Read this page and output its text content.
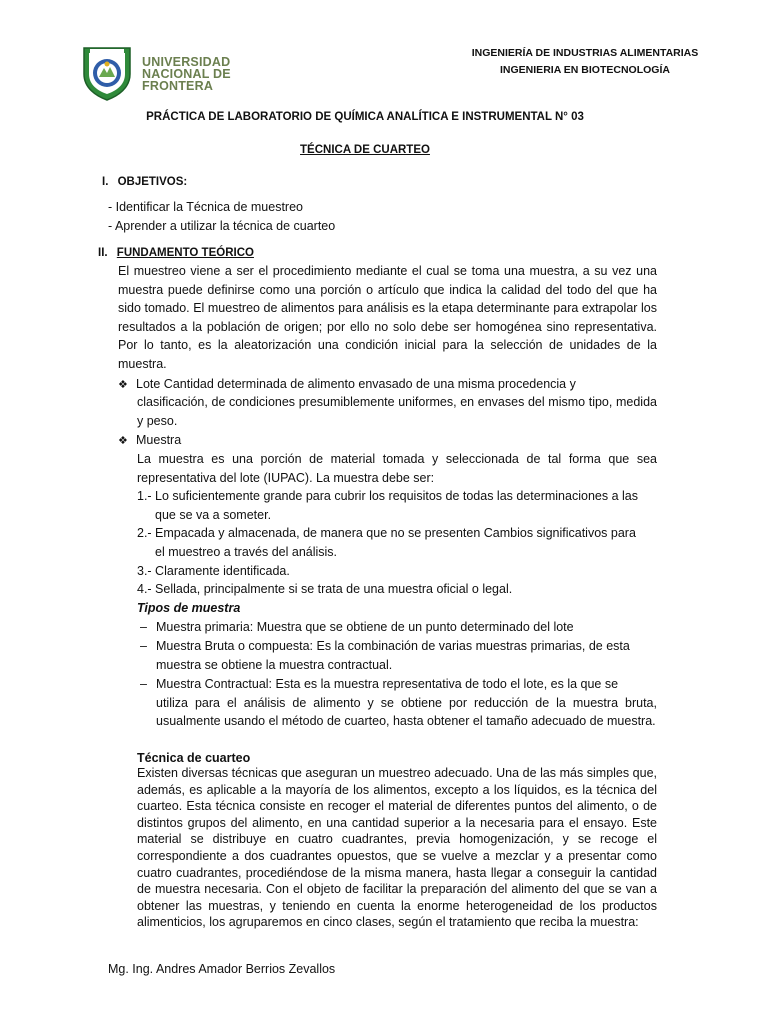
UNIVERSIDAD
NACIONAL DE
FRONTERA
INGENIERÍA DE INDUSTRIAS ALIMENTARIAS
INGENIERIA EN BIOTECNOLOGÍA
PRÁCTICA DE LABORATORIO DE QUÍMICA ANALÍTICA E INSTRUMENTAL N° 03
TÉCNICA DE CUARTEO
I. OBJETIVOS:
- Identificar la Técnica de muestreo
- Aprender a utilizar la técnica de cuarteo
II. FUNDAMENTO TEÓRICO
El muestreo viene a ser el procedimiento mediante el cual se toma una muestra, a su vez una muestra puede definirse como una porción o artículo que indica la calidad del todo del que ha sido tomado. El muestreo de alimentos para análisis es la etapa determinante para extrapolar los resultados a la población de origen; por ello no solo debe ser homogénea sino representativa. Por lo tanto, es la aleatorización una condición inicial para la selección de unidades de la muestra.
❖ Lote Cantidad determinada de alimento envasado de una misma procedencia y
clasificación, de condiciones presumiblemente uniformes, en envases del mismo tipo, medida y peso.
❖ Muestra
La muestra es una porción de material tomada y seleccionada de tal forma que sea representativa del lote (IUPAC). La muestra debe ser:
1.- Lo suficientemente grande para cubrir los requisitos de todas las determinaciones a las
que se va a someter.
2.- Empacada y almacenada, de manera que no se presenten Cambios significativos para
el muestreo a través del análisis.
3.- Claramente identificada.
4.- Sellada, principalmente si se trata de una muestra oficial o legal.
Tipos de muestra
– Muestra primaria: Muestra que se obtiene de un punto determinado del lote
– Muestra Bruta o compuesta: Es la combinación de varias muestras primarias, de esta
muestra se obtiene la muestra contractual.
– Muestra Contractual: Esta es la muestra representativa de todo el lote, es la que se
utiliza para el análisis de alimento y se obtiene por reducción de la muestra bruta, usualmente usando el método de cuarteo, hasta obtener el tamaño adecuado de muestra.
Técnica de cuarteo
Existen diversas técnicas que aseguran un muestreo adecuado. Una de las más simples que, además, es aplicable a la mayoría de los alimentos, excepto a los líquidos, es la técnica del cuarteo. Esta técnica consiste en recoger el material de diferentes puntos del alimento, o de distintos grupos del alimento, en una cantidad superior a la necesaria para el ensayo. Este material se distribuye en cuatro cuadrantes, previa homogenización, y se recoge el correspondiente a dos cuadrantes opuestos, que se vuelve a mezclar y a presentar como cuatro cuadrantes, procediéndose de la misma manera, hasta llegar a conseguir la cantidad de muestra necesaria. Con el objeto de facilitar la preparación del alimento del que se van a obtener las muestras, y teniendo en cuenta la enorme heterogeneidad de los productos alimenticios, los agruparemos en cinco clases, según el tratamiento que reciba la muestra:
Mg. Ing. Andres Amador Berrios Zevallos
